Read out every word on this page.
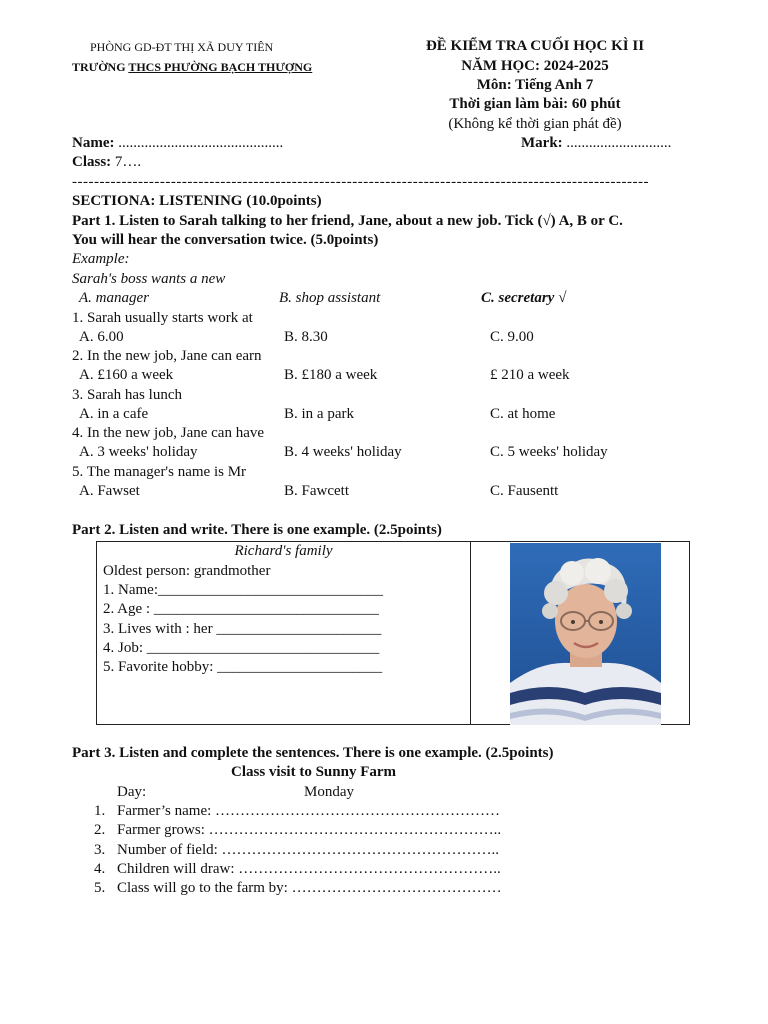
PHÒNG GD-ĐT THỊ XÃ DUY TIÊN
TRƯỜNG THCS PHƯỜNG BẠCH THƯỢNG
ĐỀ KIỂM TRA CUỐI HỌC KÌ II
NĂM HỌC: 2024-2025
Môn: Tiếng Anh 7
Thời gian làm bài: 60 phút
(Không kể thời gian phát đề)
Name: ............................................	Mark: ............................
Class: 7….
---------------------------------------------------------------------------------------------------------
SECTIONA: LISTENING (10.0points)
Part 1. Listen to Sarah talking to her friend, Jane, about a new job. Tick (√) A, B or C.
You will hear the conversation twice. (5.0points)
Example:
Sarah's boss wants a new
A. manager	B. shop assistant	C. secretary √
1. Sarah usually starts work at
A. 6.00	B. 8.30	C. 9.00
2. In the new job, Jane can earn
A. £160 a week	B. £180 a week	£ 210 a week
3. Sarah has lunch
A. in a cafe	B. in a park	C. at home
4. In the new job, Jane can have
A. 3 weeks' holiday	B. 4 weeks' holiday	C. 5 weeks' holiday
5. The manager's name is Mr
A. Fawset	B. Fawcett	C. Fausentt
Part 2. Listen and write. There is one example. (2.5points)
Richard's family
Oldest person: grandmother
1. Name:______________________________
2. Age : ______________________________
3. Lives with : her ______________________
4. Job: _______________________________
5. Favorite hobby: ______________________
Part 3. Listen and complete the sentences. There is one example. (2.5points)
Class visit to Sunny Farm
Day:	Monday
1. Farmer’s name: …………………………………………………
2. Farmer grows: …………………………………………………..
3. Number of field: ………………………………………………..
4. Children will draw: ……………………………………………..
5. Class will go to the farm by: ……………………………………
